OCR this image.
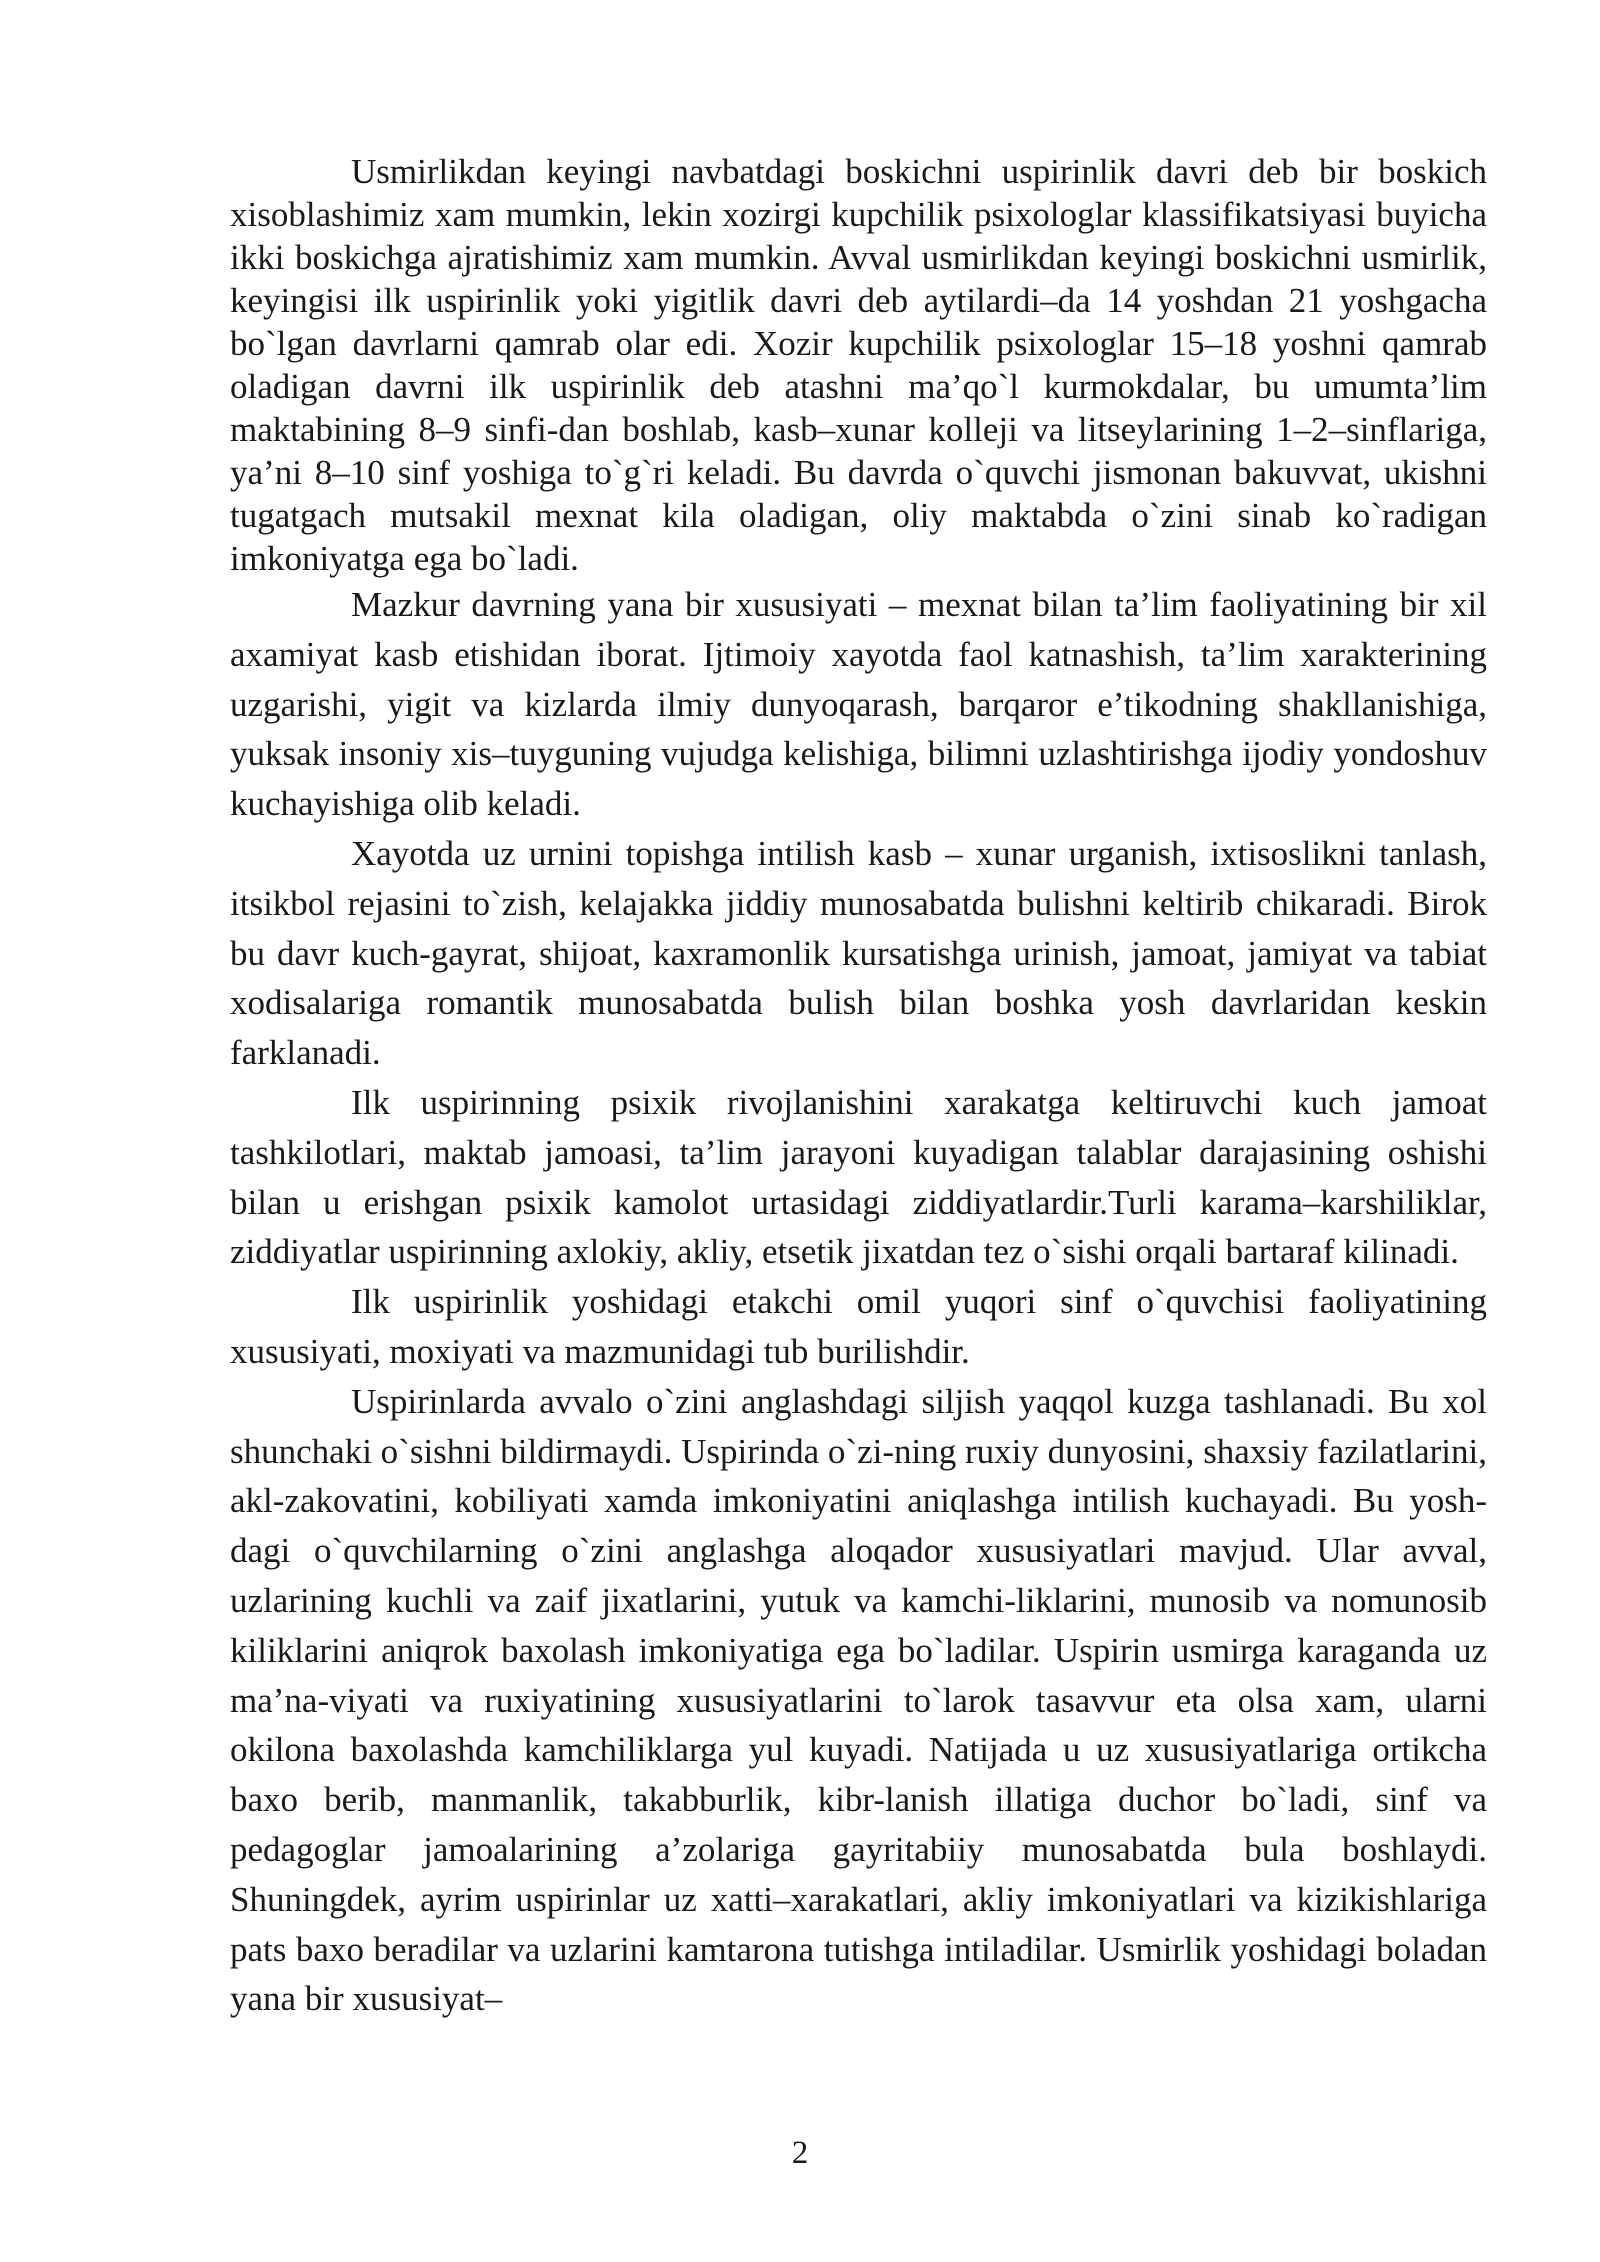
Usmirlikdan keyingi navbatdagi boskichni uspirinlik davri deb bir boskich xisoblashimiz xam mumkin, lekin xozirgi kupchilik psixologlar klassifikatsiyasi buyicha ikki boskichga ajratishimiz xam mumkin. Avval usmirlikdan keyingi boskichni usmirlik, keyingisi ilk uspirinlik yoki yigitlik davri deb aytilardi–da 14 yoshdan 21 yoshgacha bo`lgan davrlarni qamrab olar edi. Xozir kupchilik psixologlar 15–18 yoshni qamrab oladigan davrni ilk uspirinlik deb atashni ma’qo`l kurmokdalar, bu umumta’lim maktabining 8–9 sinfi-dan boshlab, kasb–xunar kolleji va litseylarining 1–2–sinflariga, ya’ni 8–10 sinf yoshiga to`g`ri keladi. Bu davrda o`quvchi jismonan bakuvvat, ukishni tugatgach mutsakil mexnat kila oladigan, oliy maktabda o`zini sinab ko`radigan imkoniyatga ega bo`ladi.

Mazkur davrning yana bir xususiyati – mexnat bilan ta’lim faoliyatining bir xil axamiyat kasb etishidan iborat. Ijtimoiy xayotda faol katnashish, ta’lim xarakterining uzgarishi, yigit va kizlarda ilmiy dunyoqarash, barqaror e’tikodning shakllanishiga, yuksak insoniy xis–tuyguning vujudga kelishiga, bilimni uzlashtirishga ijodiy yondoshuv kuchayishiga olib keladi.

Xayotda uz urnini topishga intilish kasb – xunar urganish, ixtisoslikni tanlash, itsikbol rejasini to`zish, kelajakka jiddiy munosabatda bulishni keltirib chikaradi. Birok bu davr kuch-gayrat, shijoat, kaxramonlik kursatishga urinish, jamoat, jamiyat va tabiat xodisalariga romantik munosabatda bulish bilan boshka yosh davrlaridan keskin farklanadi.

Ilk uspirinning psixik rivojlanishini xarakatga keltiruvchi kuch jamoat tashkilotlari, maktab jamoasi, ta’lim jarayoni kuyadigan talablar darajasining oshishi bilan u erishgan psixik kamolot urtasidagi ziddiyatlardir.Turli karama–karshiliklar, ziddiyatlar uspirinning axlokiy, akliy, etsetik jixatdan tez o`sishi orqali bartaraf kilinadi.

Ilk uspirinlik yoshidagi etakchi omil yuqori sinf o`quvchisi faoliyatining xususiyati, moxiyati va mazmunidagi tub burilishdir.

Uspirinlarda avvalo o`zini anglashdagi siljish yaqqol kuzga tashlanadi. Bu xol shunchaki o`sishni bildirmaydi. Uspirinda o`zi-ning ruxiy dunyosini, shaxsiy fazilatlarini, akl-zakovatini, kobiliyati xamda imkoniyatini aniqlashga intilish kuchayadi. Bu yosh-dagi o`quvchilarning o`zini anglashga aloqador xususiyatlari mavjud. Ular avval, uzlarining kuchli va zaif jixatlarini, yutuk va kamchi-liklarini, munosib va nomunosib kiliklarini aniqrok baxolash imkoniyatiga ega bo`ladilar. Uspirin usmirga karaganda uz ma’na-viyati va ruxiyatining xususiyatlarini to`larok tasavvur eta olsa xam, ularni okilona baxolashda kamchiliklarga yul kuyadi. Natijada u uz xususiyatlariga ortikcha baxo berib, manmanlik, takabburlik, kibr-lanish illatiga duchor bo`ladi, sinf va pedagoglar jamoalarining a’zolariga gayritabiiy munosabatda bula boshlaydi. Shuningdek, ayrim uspirinlar uz xatti–xarakatlari, akliy imkoniyatlari va kizikishlariga pats baxo beradilar va uzlarini kamtarona tutishga intiladilar. Usmirlik yoshidagi boladan yana bir xususiyat–

2
